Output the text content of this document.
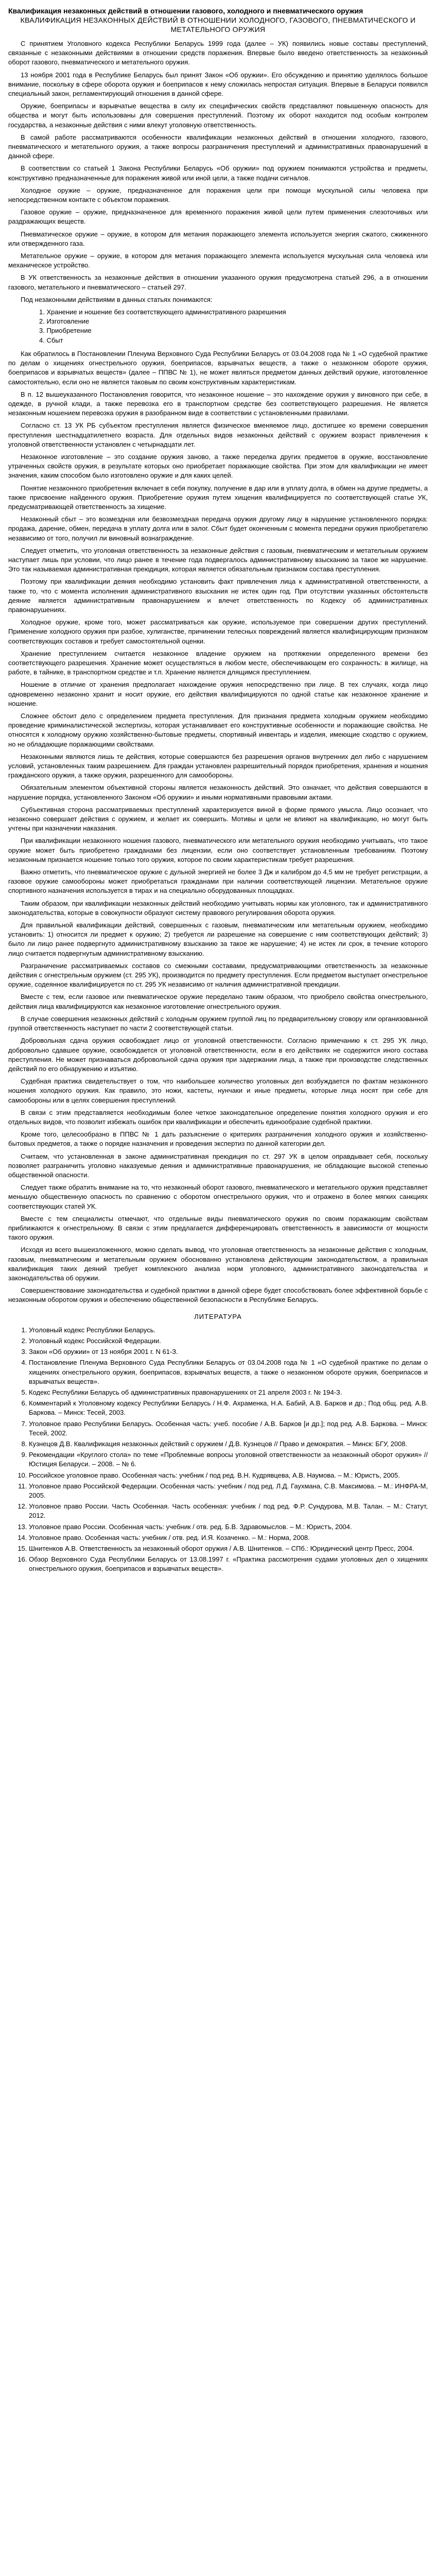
Квалификация незаконных действий в отношении газового, холодного и пневматического оружия
КВАЛИФИКАЦИЯ НЕЗАКОННЫХ ДЕЙСТВИЙ В ОТНОШЕНИИ ХОЛОДНОГО, ГАЗОВОГО, ПНЕВМАТИЧЕСКОГО И МЕТАТЕЛЬНОГО ОРУЖИЯ

С принятием Уголовного кодекса Республики Беларусь 1999 года (далее – УК) появились новые составы преступлений, связанные с незаконными действиями в отношении средств поражения. Впервые было введено ответственность за незаконный оборот газового, пневматического и метательного оружия.

13 ноября 2001 года в Республике Беларусь был принят Закон «Об оружии». Его обсуждению и принятию уделялось большое внимание, поскольку в сфере оборота оружия и боеприпасов к нему сложилась непростая ситуация. Впервые в Беларуси появился специальный закон, регламентирующий отношения в данной сфере.

Оружие, боеприпасы и взрывчатые вещества в силу их специфических свойств представляют повышенную опасность для общества и могут быть использованы для совершения преступлений. Поэтому их оборот находится под особым контролем государства, а незаконные действия с ними влекут уголовную ответственность.

В самой работе рассматриваются особенности квалификации незаконных действий в отношении холодного, газового, пневматического и метательного оружия, а также вопросы разграничения преступлений и административных правонарушений в данной сфере.

В соответствии со статьей 1 Закона Республики Беларусь «Об оружии» под оружием понимаются устройства и предметы, конструктивно предназначенные для поражения живой или иной цели, а также подачи сигналов.

Холодное оружие – оружие, предназначенное для поражения цели при помощи мускульной силы человека при непосредственном контакте с объектом поражения.

Газовое оружие – оружие, предназначенное для временного поражения живой цели путем применения слезоточивых или раздражающих веществ.

Пневматическое оружие – оружие, в котором для метания поражающего элемента используется энергия сжатого, сжиженного или отвержденного газа.

Метательное оружие – оружие, в котором для метания поражающего элемента используется мускульная сила человека или механическое устройство.

В УК ответственность за незаконные действия в отношении указанного оружия предусмотрена статьей 296, а в отношении газового, метательного и пневматического – статьей 297.

Под незаконными действиями в данных статьях понимаются:

1. Хранение и ношение без соответствующего административного разрешения
2. Изготовление
3. Приобретение
4. Сбыт

Как обратилось в Постановлении Пленума Верховного Суда Республики Беларусь от 03.04.2008 года № 1 «О судебной практике по делам о хищениях огнестрельного оружия, боеприпасов, взрывчатых веществ, а также о незаконном обороте оружия, боеприпасов и взрывчатых веществ» (далее – ППВС № 1), не может являться предметом данных действий оружие, изготовленное самостоятельно, если оно не является таковым по своим конструктивным характеристикам.

В п. 12 вышеуказанного Постановления говорится, что незаконное ношение – это нахождение оружия у виновного при себе, в одежде, в ручной клади, а также перевозка его в транспортном средстве без соответствующего разрешения. Не является незаконным ношением перевозка оружия в разобранном виде в соответствии с установленными правилами.

Согласно ст. 13 УК РБ субъектом преступления является физическое вменяемое лицо, достигшее ко времени совершения преступления шестнадцатилетнего возраста. Для отдельных видов незаконных действий с оружием возраст привлечения к уголовной ответственности установлен с четырнадцати лет.

Незаконное изготовление – это создание оружия заново, а также переделка других предметов в оружие, восстановление утраченных свойств оружия, в результате которых оно приобретает поражающие свойства. При этом для квалификации не имеет значения, каким способом было изготовлено оружие и для каких целей.

Понятие незаконного приобретения включает в себя покупку, получение в дар или в уплату долга, в обмен на другие предметы, а также присвоение найденного оружия. Приобретение оружия путем хищения квалифицируется по соответствующей статье УК, предусматривающей ответственность за хищение.

Незаконный сбыт – это возмездная или безвозмездная передача оружия другому лицу в нарушение установленного порядка: продажа, дарение, обмен, передача в уплату долга или в залог. Сбыт будет оконченным с момента передачи оружия приобретателю независимо от того, получил ли виновный вознаграждение.

Следует отметить, что уголовная ответственность за незаконные действия с газовым, пневматическим и метательным оружием наступает лишь при условии, что лицо ранее в течение года подвергалось административному взысканию за такое же нарушение. Это так называемая административная преюдиция, которая является обязательным признаком состава преступления.

Поэтому при квалификации деяния необходимо установить факт привлечения лица к административной ответственности, а также то, что с момента исполнения административного взыскания не истек один год. При отсутствии указанных обстоятельств деяние является административным правонарушением и влечет ответственность по Кодексу об административных правонарушениях.

Холодное оружие, кроме того, может рассматриваться как оружие, используемое при совершении других преступлений. Применение холодного оружия при разбое, хулиганстве, причинении телесных повреждений является квалифицирующим признаком соответствующих составов и требует самостоятельной оценки.

Хранение преступлением считается незаконное владение оружием на протяжении определенного времени без соответствующего разрешения. Хранение может осуществляться в любом месте, обеспечивающем его сохранность: в жилище, на работе, в тайнике, в транспортном средстве и т.п. Хранение является длящимся преступлением.

Ношение в отличие от хранения предполагает нахождение оружия непосредственно при лице. В тех случаях, когда лицо одновременно незаконно хранит и носит оружие, его действия квалифицируются по одной статье как незаконное хранение и ношение.

Сложнее обстоит дело с определением предмета преступления. Для признания предмета холодным оружием необходимо проведение криминалистической экспертизы, которая устанавливает его конструктивные особенности и поражающие свойства. Не относятся к холодному оружию хозяйственно-бытовые предметы, спортивный инвентарь и изделия, имеющие сходство с оружием, но не обладающие поражающими свойствами.

Незаконными являются лишь те действия, которые совершаются без разрешения органов внутренних дел либо с нарушением условий, установленных таким разрешением. Для граждан установлен разрешительный порядок приобретения, хранения и ношения гражданского оружия, а также оружия, разрешенного для самообороны.

Обязательным элементом объективной стороны является незаконность действий. Это означает, что действия совершаются в нарушение порядка, установленного Законом «Об оружии» и иными нормативными правовыми актами.

Субъективная сторона рассматриваемых преступлений характеризуется виной в форме прямого умысла. Лицо осознает, что незаконно совершает действия с оружием, и желает их совершить. Мотивы и цели не влияют на квалификацию, но могут быть учтены при назначении наказания.

При квалификации незаконного ношения газового, пневматического или метательного оружия необходимо учитывать, что такое оружие может быть приобретено гражданами без лицензии, если оно соответствует установленным требованиям. Поэтому незаконным признается ношение только того оружия, которое по своим характеристикам требует разрешения.

Важно отметить, что пневматическое оружие с дульной энергией не более 3 Дж и калибром до 4,5 мм не требует регистрации, а газовое оружие самообороны может приобретаться гражданами при наличии соответствующей лицензии. Метательное оружие спортивного назначения используется в тирах и на специально оборудованных площадках.

Таким образом, при квалификации незаконных действий необходимо учитывать нормы как уголовного, так и административного законодательства, которые в совокупности образуют систему правового регулирования оборота оружия.

Для правильной квалификации действий, совершенных с газовым, пневматическим или метательным оружием, необходимо установить: 1) относится ли предмет к оружию; 2) требуется ли разрешение на совершение с ним соответствующих действий; 3) было ли лицо ранее подвергнуто административному взысканию за такое же нарушение; 4) не истек ли срок, в течение которого лицо считается подвергнутым административному взысканию.

Разграничение рассматриваемых составов со смежными составами, предусматривающими ответственность за незаконные действия с огнестрельным оружием (ст. 295 УК), производится по предмету преступления. Если предметом выступает огнестрельное оружие, содеянное квалифицируется по ст. 295 УК независимо от наличия административной преюдиции.

Вместе с тем, если газовое или пневматическое оружие переделано таким образом, что приобрело свойства огнестрельного, действия лица квалифицируются как незаконное изготовление огнестрельного оружия.

В случае совершения незаконных действий с холодным оружием группой лиц по предварительному сговору или организованной группой ответственность наступает по части 2 соответствующей статьи.

Добровольная сдача оружия освобождает лицо от уголовной ответственности. Согласно примечанию к ст. 295 УК лицо, добровольно сдавшее оружие, освобождается от уголовной ответственности, если в его действиях не содержится иного состава преступления. Не может признаваться добровольной сдача оружия при задержании лица, а также при производстве следственных действий по его обнаружению и изъятию.

Судебная практика свидетельствует о том, что наибольшее количество уголовных дел возбуждается по фактам незаконного ношения холодного оружия. Как правило, это ножи, кастеты, нунчаки и иные предметы, которые лица носят при себе для самообороны или в целях совершения преступлений.

В связи с этим представляется необходимым более четкое законодательное определение понятия холодного оружия и его отдельных видов, что позволит избежать ошибок при квалификации и обеспечить единообразие судебной практики.

Кроме того, целесообразно в ППВС № 1 дать разъяснение о критериях разграничения холодного оружия и хозяйственно-бытовых предметов, а также о порядке назначения и проведения экспертиз по данной категории дел.

Считаем, что установленная в законе административная преюдиция по ст. 297 УК в целом оправдывает себя, поскольку позволяет разграничить уголовно наказуемые деяния и административные правонарушения, не обладающие высокой степенью общественной опасности.

Следует также обратить внимание на то, что незаконный оборот газового, пневматического и метательного оружия представляет меньшую общественную опасность по сравнению с оборотом огнестрельного оружия, что и отражено в более мягких санкциях соответствующих статей УК.

Вместе с тем специалисты отмечают, что отдельные виды пневматического оружия по своим поражающим свойствам приближаются к огнестрельному. В связи с этим предлагается дифференцировать ответственность в зависимости от мощности такого оружия.

Исходя из всего вышеизложенного, можно сделать вывод, что уголовная ответственность за незаконные действия с холодным, газовым, пневматическим и метательным оружием обоснованно установлена действующим законодательством, а правильная квалификация таких деяний требует комплексного анализа норм уголовного, административного законодательства и законодательства об оружии.

Совершенствование законодательства и судебной практики в данной сфере будет способствовать более эффективной борьбе с незаконным оборотом оружия и обеспечению общественной безопасности в Республике Беларусь.

ЛИТЕРАТУРА
1. Уголовный кодекс Республики Беларусь.
2. Уголовный кодекс Российской Федерации.
3. Закон «Об оружии» от 13 ноября 2001 г. N 61-З.
4. Постановление Пленума Верховного Суда Республики Беларусь от 03.04.2008 года № 1 «О судебной практике по делам о хищениях огнестрельного оружия, боеприпасов, взрывчатых веществ, а также о незаконном обороте оружия, боеприпасов и взрывчатых веществ».
5. Кодекс Республики Беларусь об административных правонарушениях от 21 апреля 2003 г. № 194-З.
6. Комментарий к Уголовному кодексу Республики Беларусь / Н.Ф. Ахраменка, Н.А. Бабий, А.В. Барков и др.; Под общ. ред. А.В. Баркова. – Минск: Тесей, 2003.
7. Уголовное право Республики Беларусь. Особенная часть: учеб. пособие / А.В. Барков [и др.]; под ред. А.В. Баркова. – Минск: Тесей, 2002.
8. Кузнецов Д.В. Квалификация незаконных действий с оружием / Д.В. Кузнецов // Право и демократия. – Минск: БГУ, 2008.
9. Рекомендации «Круглого стола» по теме «Проблемные вопросы уголовной ответственности за незаконный оборот оружия» // Юстиция Беларуси. – 2008. – № 6.
10. Российское уголовное право. Особенная часть: учебник / под ред. В.Н. Кудрявцева, А.В. Наумова. – М.: Юристъ, 2005.
11. Уголовное право Российской Федерации. Особенная часть: учебник / под ред. Л.Д. Гаухмана, С.В. Максимова. – М.: ИНФРА-М, 2005.
12. Уголовное право России. Часть Особенная. Часть особенная: учебник / под ред. Ф.Р. Сундурова, М.В. Талан. – М.: Статут, 2012.
13. Уголовное право России. Особенная часть: учебник / отв. ред. Б.В. Здравомыслов. – М.: Юристъ, 2004.
14. Уголовное право. Особенная часть: учебник / отв. ред. И.Я. Козаченко. – М.: Норма, 2008.
15. Шнитенков А.В. Ответственность за незаконный оборот оружия / А.В. Шнитенков. – СПб.: Юридический центр Пресс, 2004.
16. Обзор Верховного Суда Республики Беларусь от 13.08.1997 г. «Практика рассмотрения судами уголовных дел о хищениях огнестрельного оружия, боеприпасов и взрывчатых веществ».
